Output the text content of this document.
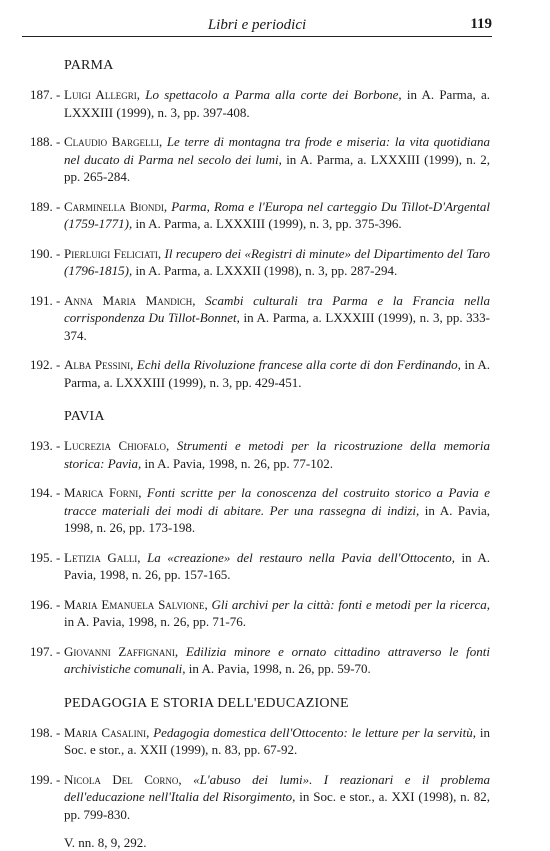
Libri e periodici	119
PARMA
187. - Luigi Allegri, Lo spettacolo a Parma alla corte dei Borbone, in A. Parma, a. LXXXIII (1999), n. 3, pp. 397-408.
188. - Claudio Bargelli, Le terre di montagna tra frode e miseria: la vita quotidiana nel ducato di Parma nel secolo dei lumi, in A. Parma, a. LXXXIII (1999), n. 2, pp. 265-284.
189. - Carminella Biondi, Parma, Roma e l'Europa nel carteggio Du Tillot-D'Argental (1759-1771), in A. Parma, a. LXXXIII (1999), n. 3, pp. 375-396.
190. - Pierluigi Feliciati, Il recupero dei «Registri di minute» del Dipartimento del Taro (1796-1815), in A. Parma, a. LXXXII (1998), n. 3, pp. 287-294.
191. - Anna Maria Mandich, Scambi culturali tra Parma e la Francia nella corrispondenza Du Tillot-Bonnet, in A. Parma, a. LXXXIII (1999), n. 3, pp. 333-374.
192. - Alba Pessini, Echi della Rivoluzione francese alla corte di don Ferdinando, in A. Parma, a. LXXXIII (1999), n. 3, pp. 429-451.
PAVIA
193. - Lucrezia Chiofalo, Strumenti e metodi per la ricostruzione della memoria storica: Pavia, in A. Pavia, 1998, n. 26, pp. 77-102.
194. - Marica Forni, Fonti scritte per la conoscenza del costruito storico a Pavia e tracce materiali dei modi di abitare. Per una rassegna di indizi, in A. Pavia, 1998, n. 26, pp. 173-198.
195. - Letizia Galli, La «creazione» del restauro nella Pavia dell'Ottocento, in A. Pavia, 1998, n. 26, pp. 157-165.
196. - Maria Emanuela Salvione, Gli archivi per la città: fonti e metodi per la ricerca, in A. Pavia, 1998, n. 26, pp. 71-76.
197. - Giovanni Zaffignani, Edilizia minore e ornato cittadino attraverso le fonti archivistiche comunali, in A. Pavia, 1998, n. 26, pp. 59-70.
PEDAGOGIA E STORIA DELL'EDUCAZIONE
198. - Maria Casalini, Pedagogia domestica dell'Ottocento: le letture per la servitù, in Soc. e stor., a. XXII (1999), n. 83, pp. 67-92.
199. - Nicola Del Corno, «L'abuso dei lumi». I reazionari e il problema dell'educazione nell'Italia del Risorgimento, in Soc. e stor., a. XXI (1998), n. 82, pp. 799-830.
V. nn. 8, 9, 292.
